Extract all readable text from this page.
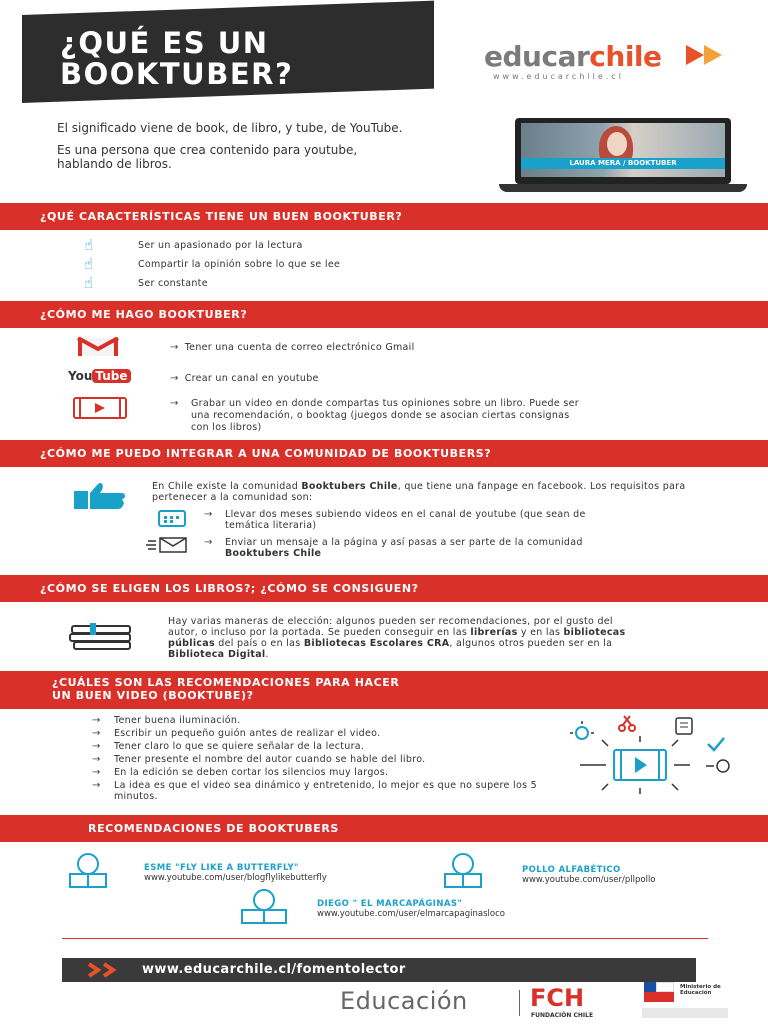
¿QUÉ ES UN
BOOKTUBER?
educarchile
www.educarchile.cl

El significado viene de book, de libro, y tube, de YouTube.

Es una persona que crea contenido para youtube, hablando de libros.	LAURA MERA / BOOKTUBER
¿QUÉ CARACTERÍSTICAS TIENE UN BUEN BOOKTUBER?
☝	Ser un apasionado por la lectura
☝	Compartir la opinión sobre lo que se lee
☝	Ser constante
¿CÓMO ME HAGO BOOKTUBER?
→ Tener una cuenta de correo electrónico Gmail
You Tube	→ Crear un canal en youtube
→	Grabar un video en donde compartas tus opiniones sobre un libro. Puede ser una recomendación, o booktag (juegos donde se asocian ciertas consignas con los libros)
¿CÓMO ME PUEDO INTEGRAR A UNA COMUNIDAD DE BOOKTUBERS?
En Chile existe la comunidad Booktubers Chile, que tiene una fanpage en facebook. Los requisitos para pertenecer a la comunidad son:
→	Llevar dos meses subiendo videos en el canal de youtube (que sean de temática literaria)
→	Enviar un mensaje a la página y así pasas a ser parte de la comunidad Booktubers Chile
¿CÓMO SE ELIGEN LOS LIBROS?; ¿CÓMO SE CONSIGUEN?
Hay varias maneras de elección: algunos pueden ser recomendaciones, por el gusto del autor, o incluso por la portada. Se pueden conseguir en las librerías y en las bibliotecas públicas del país o en las Bibliotecas Escolares CRA, algunos otros pueden ser en la Biblioteca Digital.
¿CUÁLES SON LAS RECOMENDACIONES PARA HACER
UN BUEN VIDEO (BOOKTUBE)?
→ Tener buena iluminación.
→ Escribir un pequeño guión antes de realizar el video.
→ Tener claro lo que se quiere señalar de la lectura.
→ Tener presente el nombre del autor cuando se hable del libro.
→ En la edición se deben cortar los silencios muy largos.
→ La idea es que el video sea dinámico y entretenido, lo mejor es que no supere los 5 minutos.
RECOMENDACIONES DE BOOKTUBERS
ESME "FLY LIKE A BUTTERFLY"
www.youtube.com/user/blogflylikebutterfly
POLLO ALFABÉTICO
www.youtube.com/user/pllpollo
DIEGO " EL MARCAPÁGINAS"
www.youtube.com/user/elmarcapaginasloco
www.educarchile.cl/fomentolector
Educación	FCH
FUNDACIÓN CHILE
Ministerio de Educación
